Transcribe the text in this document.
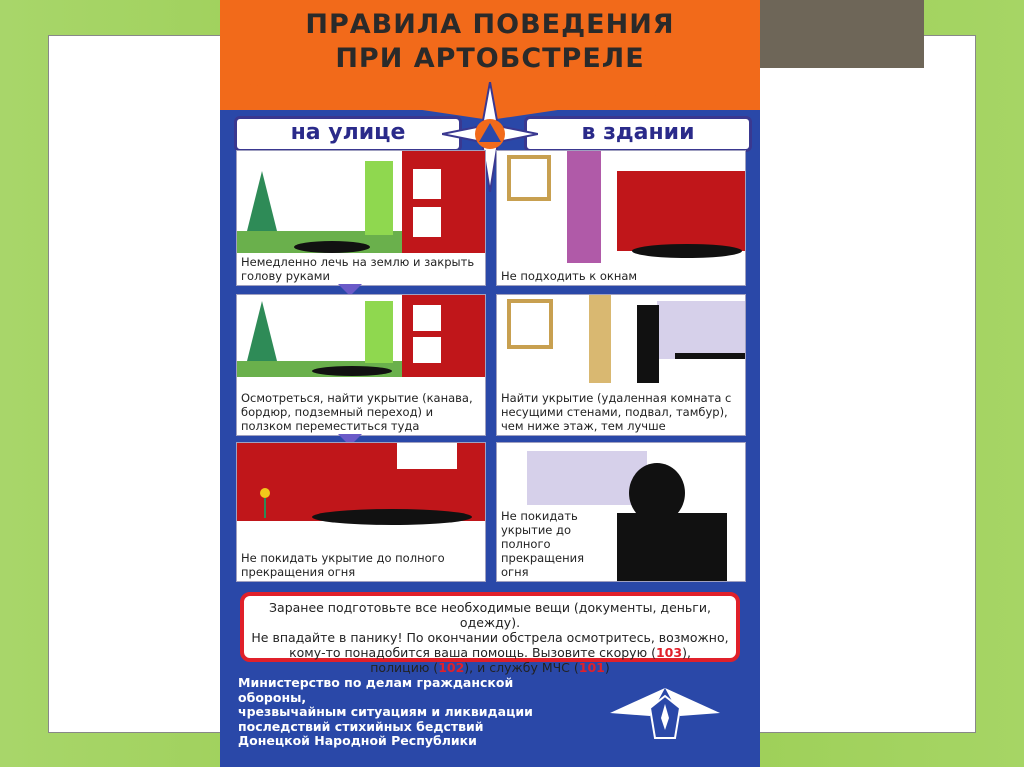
ПРАВИЛА ПОВЕДЕНИЯ
ПРИ АРТОБСТРЕЛЕ
на улице	в здании
Немедленно лечь на землю и закрыть голову руками
Осмотреться, найти укрытие (канава, бордюр, подземный переход) и ползком переместиться туда
Не покидать укрытие до полного прекращения огня
Не подходить к окнам
Найти укрытие (удаленная комната с несущими стенами, подвал, тамбур), чем ниже этаж, тем лучше
Не покидать укрытие до полного прекращения огня
Заранее подготовьте все необходимые вещи (документы, деньги, одежду).
Не впадайте в панику! По окончании обстрела осмотритесь, возможно,
кому-то понадобится ваша помощь. Вызовите скорую (103),
полицию (102), и службу МЧС (101)
Министерство по делам гражданской обороны,
чрезвычайным ситуациям и ликвидации
последствий стихийных бедствий
Донецкой Народной Республики
